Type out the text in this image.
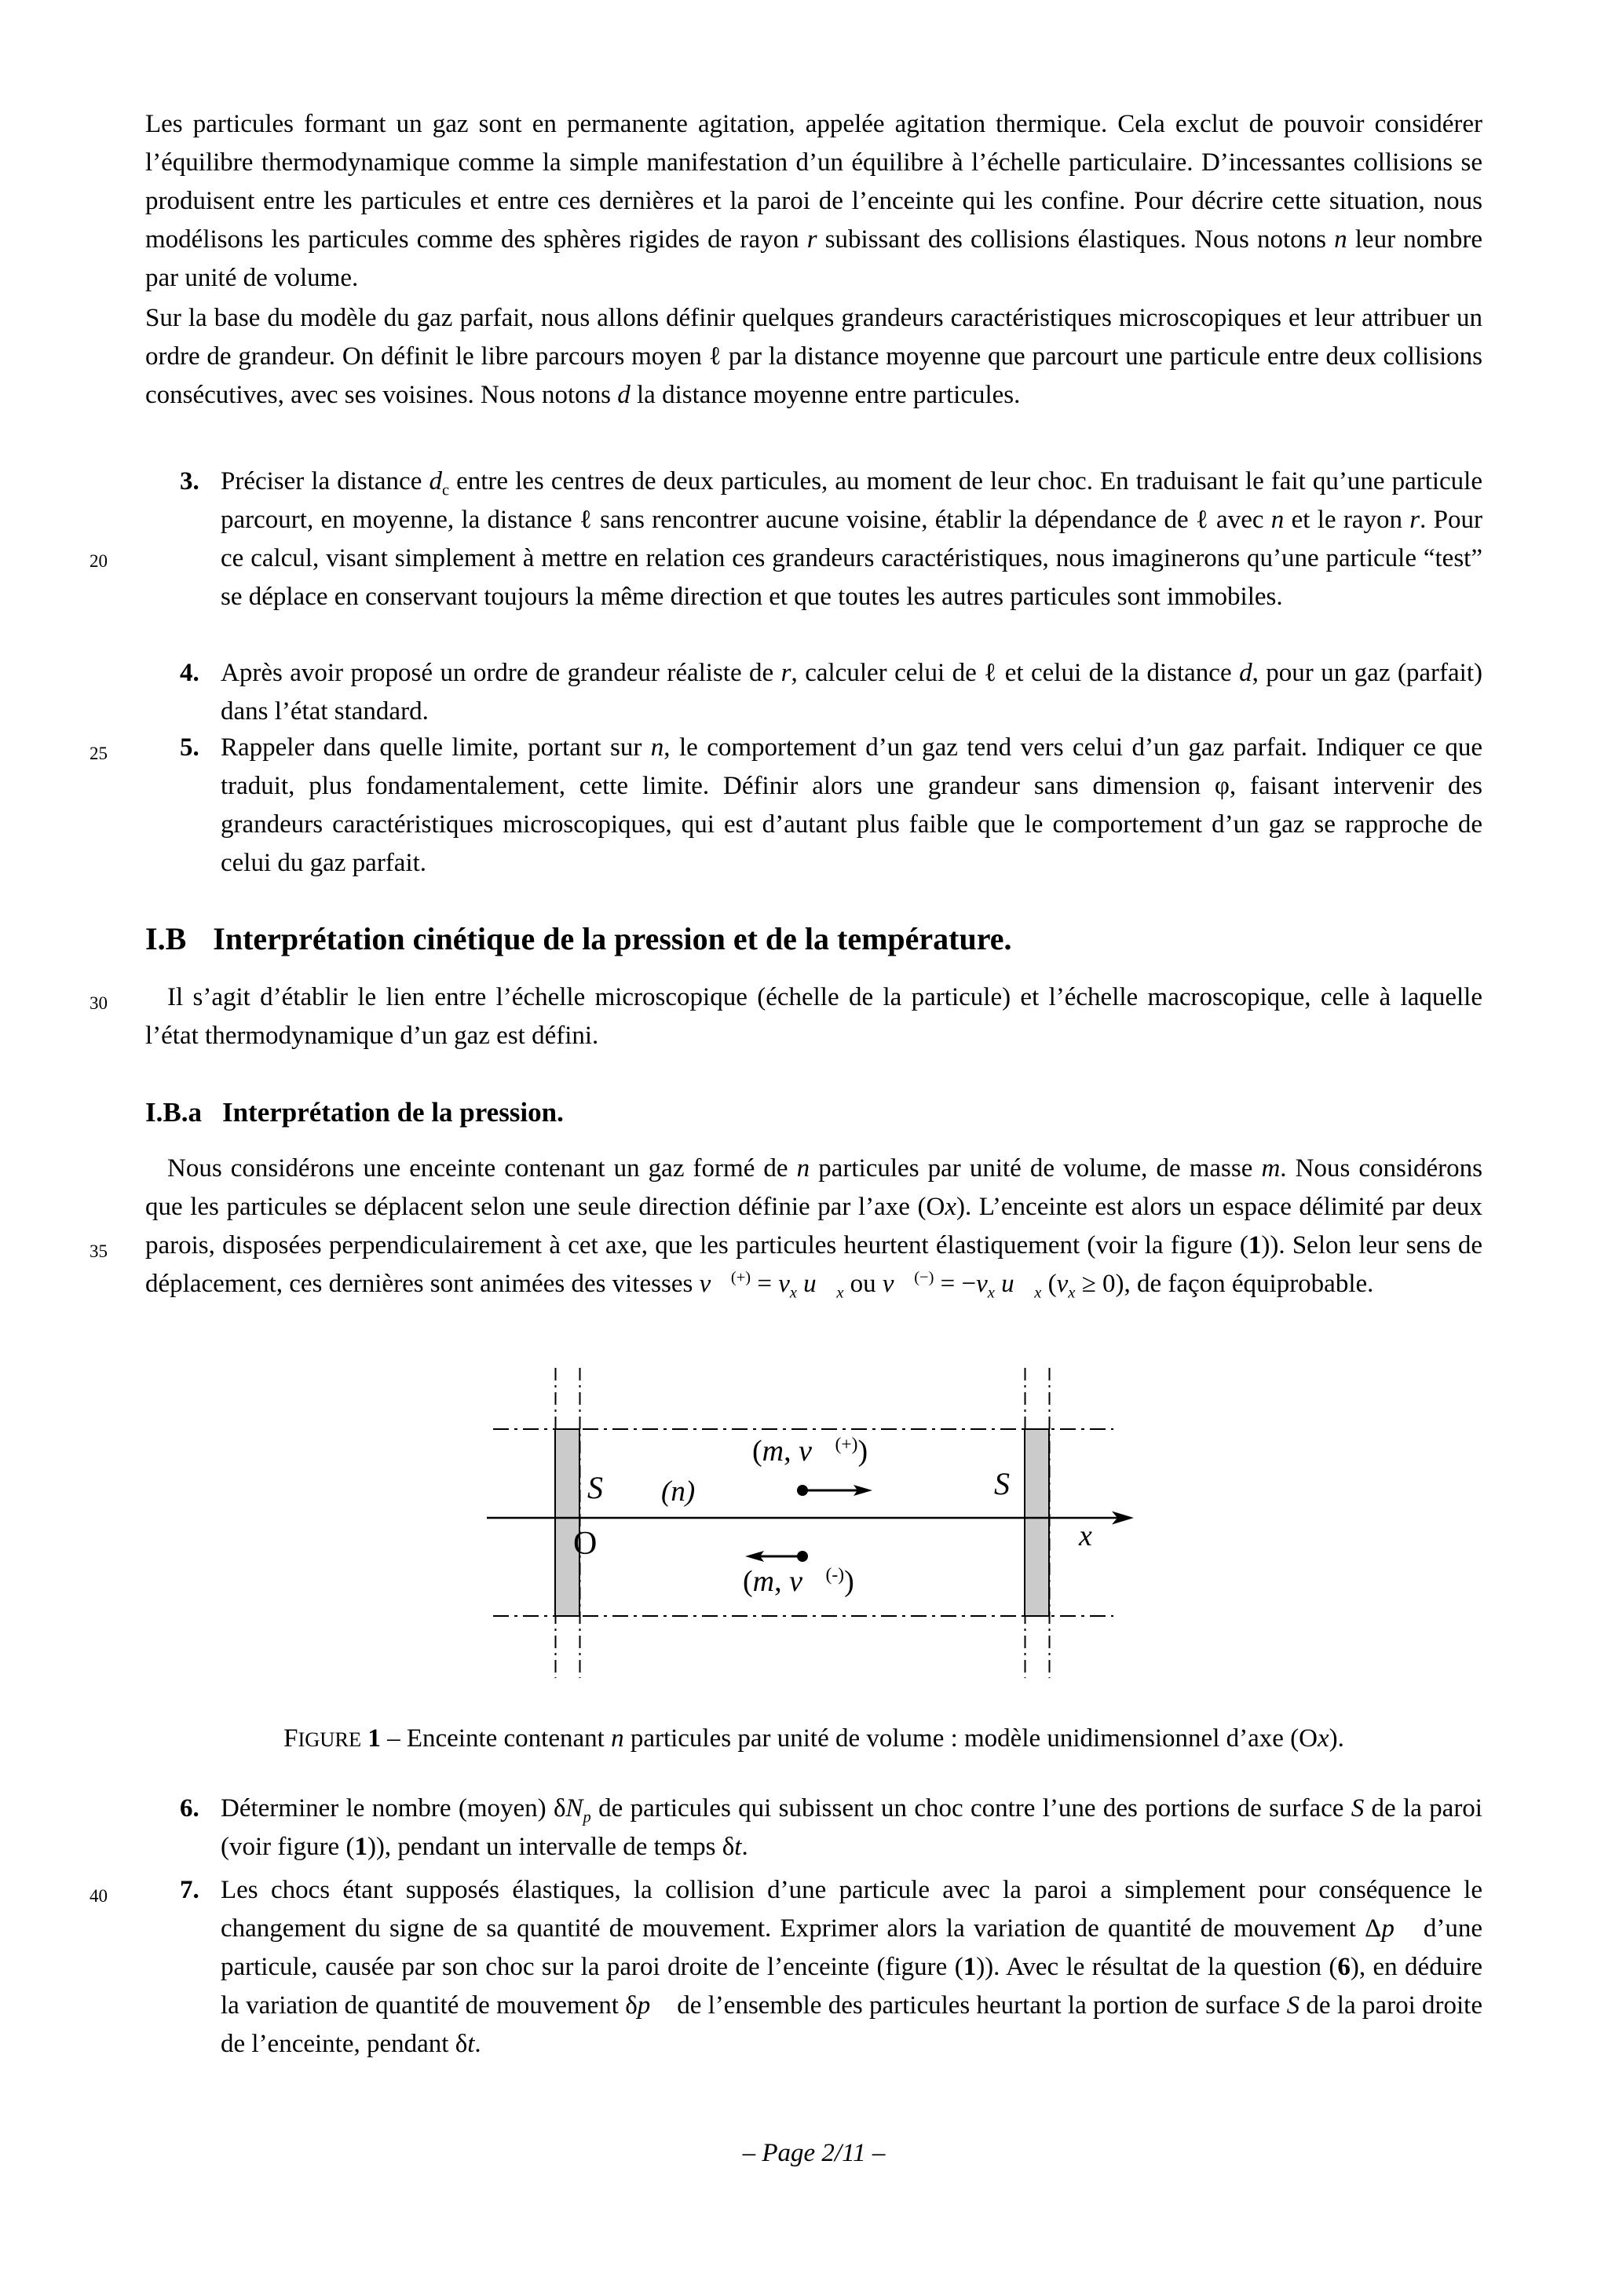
20
25
30
35
40
Les particules formant un gaz sont en permanente agitation, appelée agitation thermique. Cela exclut de pouvoir considérer l’équilibre thermodynamique comme la simple manifestation d’un équilibre à l’échelle particulaire. D’incessantes collisions se produisent entre les particules et entre ces dernières et la paroi de l’enceinte qui les confine. Pour décrire cette situation, nous modélisons les particules comme des sphères rigides de rayon r subissant des collisions élastiques. Nous notons n leur nombre par unité de volume.
Sur la base du modèle du gaz parfait, nous allons définir quelques grandeurs caractéristiques microscopiques et leur attribuer un ordre de grandeur. On définit le libre parcours moyen ℓ par la distance moyenne que parcourt une particule entre deux collisions consécutives, avec ses voisines. Nous notons d la distance moyenne entre particules.
3. Préciser la distance $d_c$ entre les centres de deux particules, au moment de leur choc. En traduisant le fait qu’une particule parcourt, en moyenne, la distance ℓ sans rencontrer aucune voisine, établir la dépendance de ℓ avec n et le rayon r. Pour ce calcul, visant simplement à mettre en relation ces grandeurs caractéristiques, nous imaginerons qu’une particule “test” se déplace en conservant toujours la même direction et que toutes les autres particules sont immobiles.
4. Après avoir proposé un ordre de grandeur réaliste de r, calculer celui de ℓ et celui de la distance d, pour un gaz (parfait) dans l’état standard.
5. Rappeler dans quelle limite, portant sur n, le comportement d’un gaz tend vers celui d’un gaz parfait. Indiquer ce que traduit, plus fondamentalement, cette limite. Définir alors une grandeur sans dimension φ, faisant intervenir des grandeurs caractéristiques microscopiques, qui est d’autant plus faible que le comportement d’un gaz se rapproche de celui du gaz parfait.
I.B Interprétation cinétique de la pression et de la température.
Il s’agit d’établir le lien entre l’échelle microscopique (échelle de la particule) et l’échelle macroscopique, celle à laquelle l’état thermodynamique d’un gaz est défini.
I.B.a Interprétation de la pression.
Nous considérons une enceinte contenant un gaz formé de n particules par unité de volume, de masse m. Nous considérons que les particules se déplacent selon une seule direction définie par l’axe (Ox). L’enceinte est alors un espace délimité par deux parois, disposées perpendiculairement à cet axe, que les particules heurtent élastiquement (voir la figure (1)). Selon leur sens de déplacement, ces dernières sont animées des vitesses v⃗(+) = $v_x$ $u⃗_x$ ou v⃗(−) = $-v_x$ $u⃗_x$ $(v_x \ge 0)$, de façon équiprobable.
S (n)
(m, v⃗(+))
S
O	x
(m, v⃗(-))
FIGURE 1 – Enceinte contenant n particules par unité de volume : modèle unidimensionnel d’axe (Ox).
6. Déterminer le nombre (moyen) $\delta N_p$ de particules qui subissent un choc contre l’une des portions de surface S de la paroi (voir figure (1)), pendant un intervalle de temps δt.
7. Les chocs étant supposés élastiques, la collision d’une particule avec la paroi a simplement pour conséquence le changement du signe de sa quantité de mouvement. Exprimer alors la variation de quantité de mouvement Δp⃗ d’une particule, causée par son choc sur la paroi droite de l’enceinte (figure (1)). Avec le résultat de la question (6), en déduire la variation de quantité de mouvement δp⃗ de l’ensemble des particules heurtant la portion de surface S de la paroi droite de l’enceinte, pendant δt.
– Page 2/11 –
